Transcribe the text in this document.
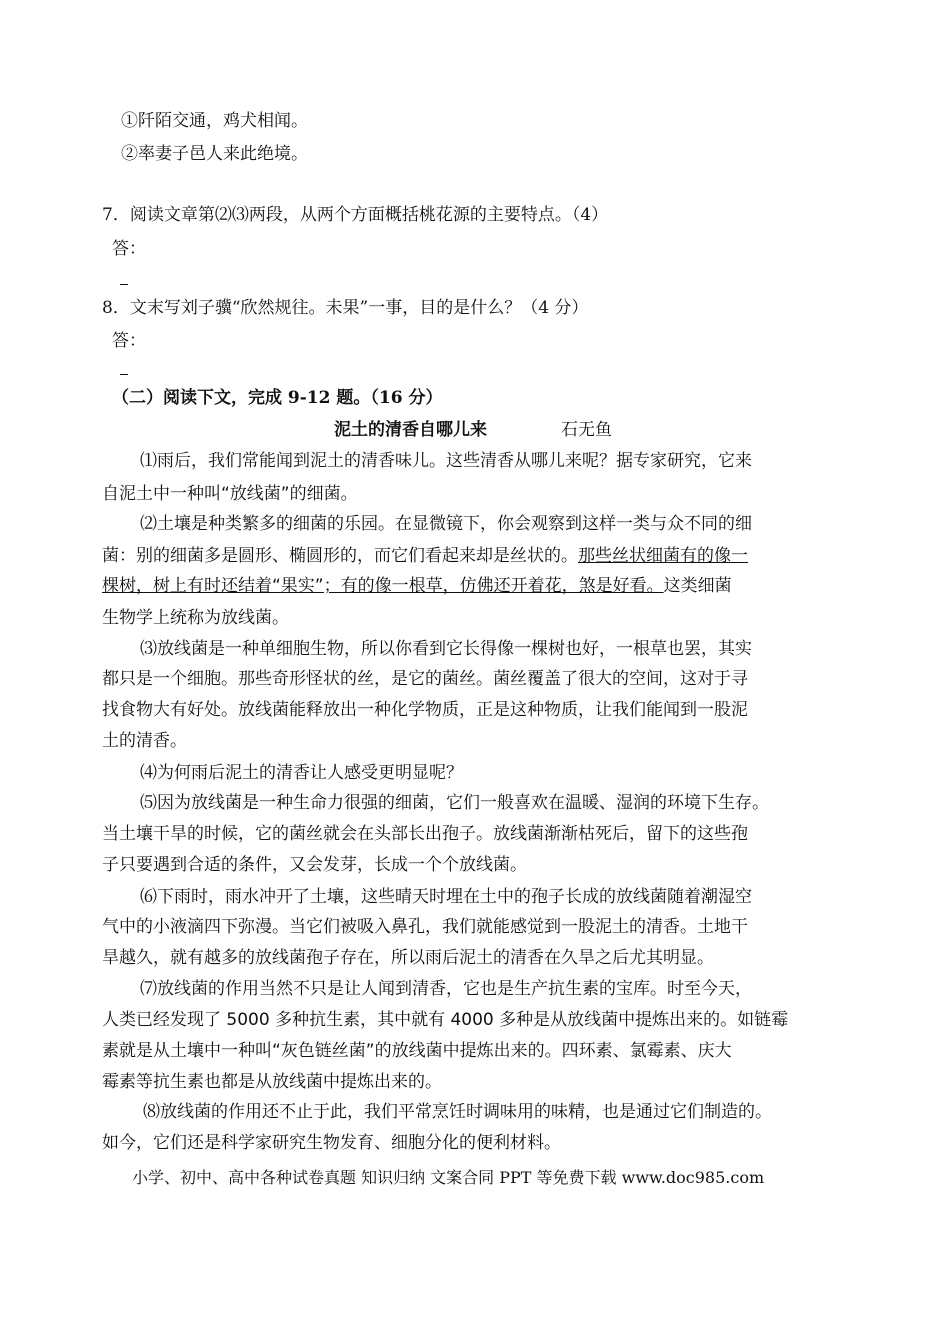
①阡陌交通，鸡犬相闻。
②率妻子邑人来此绝境。
7．阅读文章第⑵⑶两段，从两个方面概括桃花源的主要特点。（4）
答：
8．文末写刘子骥“欣然规往。未果”一事，目的是什么？（4 分）
答：
（二）阅读下文，完成 9-12 题。（16 分）
泥土的清香自哪儿来	石无鱼
⑴雨后，我们常能闻到泥土的清香味儿。这些清香从哪儿来呢？据专家研究，它来
自泥土中一种叫“放线菌”的细菌。
⑵土壤是种类繁多的细菌的乐园。在显微镜下，你会观察到这样一类与众不同的细
菌：别的细菌多是圆形、椭圆形的，而它们看起来却是丝状的。那些丝状细菌有的像一
棵树，树上有时还结着“果实”；有的像一根草，仿佛还开着花，煞是好看。这类细菌
生物学上统称为放线菌。
⑶放线菌是一种单细胞生物，所以你看到它长得像一棵树也好，一根草也罢，其实
都只是一个细胞。那些奇形怪状的丝，是它的菌丝。菌丝覆盖了很大的空间，这对于寻
找食物大有好处。放线菌能释放出一种化学物质，正是这种物质，让我们能闻到一股泥
土的清香。
⑷为何雨后泥土的清香让人感受更明显呢？
⑸因为放线菌是一种生命力很强的细菌，它们一般喜欢在温暖、湿润的环境下生存。
当土壤干旱的时候，它的菌丝就会在头部长出孢子。放线菌渐渐枯死后，留下的这些孢
子只要遇到合适的条件，又会发芽，长成一个个放线菌。
⑹下雨时，雨水冲开了土壤，这些晴天时埋在土中的孢子长成的放线菌随着潮湿空
气中的小液滴四下弥漫。当它们被吸入鼻孔，我们就能感觉到一股泥土的清香。土地干
旱越久，就有越多的放线菌孢子存在，所以雨后泥土的清香在久旱之后尤其明显。
⑺放线菌的作用当然不只是让人闻到清香，它也是生产抗生素的宝库。时至今天，
人类已经发现了 5000 多种抗生素，其中就有 4000 多种是从放线菌中提炼出来的。如链霉
素就是从土壤中一种叫“灰色链丝菌”的放线菌中提炼出来的。四环素、氯霉素、庆大
霉素等抗生素也都是从放线菌中提炼出来的。
⑻放线菌的作用还不止于此，我们平常烹饪时调味用的味精，也是通过它们制造的。
如今，它们还是科学家研究生物发育、细胞分化的便利材料。
小学、初中、高中各种试卷真题 知识归纳 文案合同 PPT 等免费下载 www.doc985.com
